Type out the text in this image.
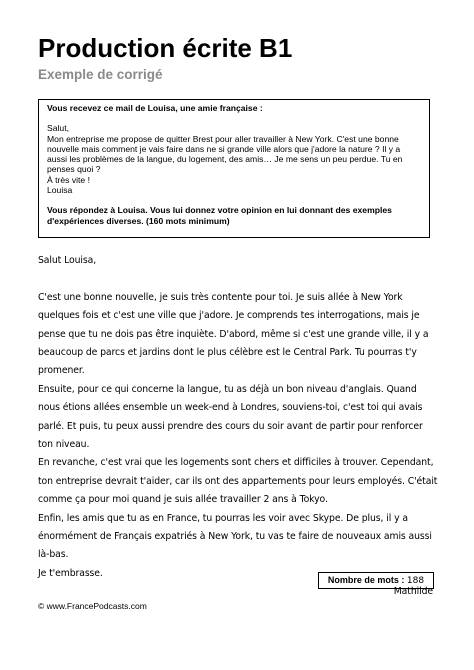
Production écrite B1
Exemple de corrigé

Vous recevez ce mail de Louisa, une amie française :

Salut,

Mon entreprise me propose de quitter Brest pour aller travailler à New York. C'est une bonne nouvelle mais comment je vais faire dans ne si grande ville alors que j'adore la nature ? Il y a aussi les problèmes de la langue, du logement, des amis… Je me sens un peu perdue. Tu en penses quoi ?

À très vite !

Louisa

Vous répondez à Louisa. Vous lui donnez votre opinion en lui donnant des exemples d'expériences diverses. (160 mots minimum)

Salut Louisa,

C'est une bonne nouvelle, je suis très contente pour toi. Je suis allée à New York quelques fois et c'est une ville que j'adore. Je comprends tes interrogations, mais je pense que tu ne dois pas être inquiète. D'abord, même si c'est une grande ville, il y a beaucoup de parcs et jardins dont le plus célèbre est le Central Park. Tu pourras t'y promener.

Ensuite, pour ce qui concerne la langue, tu as déjà un bon niveau d'anglais. Quand nous étions allées ensemble un week-end à Londres, souviens-toi, c'est toi qui avais parlé. Et puis, tu peux aussi prendre des cours du soir avant de partir pour renforcer ton niveau.

En revanche, c'est vrai que les logements sont chers et difficiles à trouver. Cependant, ton entreprise devrait t'aider, car ils ont des appartements pour leurs employés. C'était comme ça pour moi quand je suis allée travailler 2 ans à Tokyo.

Enfin, les amis que tu as en France, tu pourras les voir avec Skype. De plus, il y a énormément de Français expatriés à New York, tu vas te faire de nouveaux amis aussi là-bas.

Je t'embrasse.

Mathilde

Nombre de mots : 188
© www.FrancePodcasts.com
